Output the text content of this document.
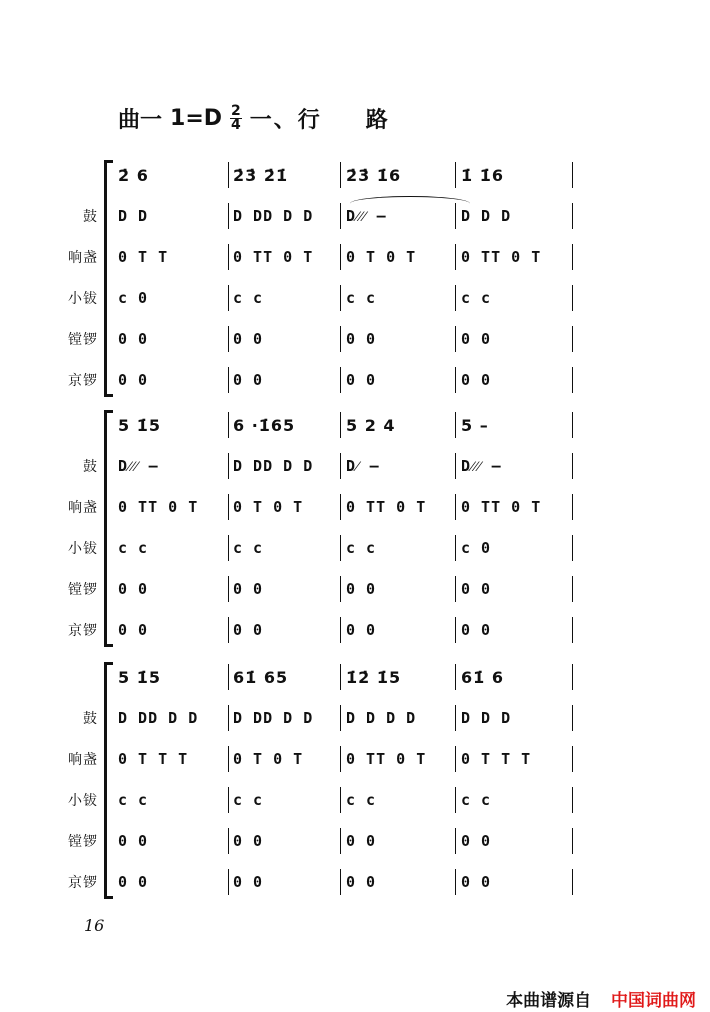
曲一 1=D 2
4 一、行 路
2̇ 6	2̇3̇ 2̇1̇	2̇3̇ 1̇6	1̇ 1̇6
鼓 D D	D DD D D	D⁄⁄⁄ –	D D D
响盏 0 T T	0 TT 0 T	0 T 0 T	0 TT 0 T
小钹 c 0	c c	c c	c c
镗锣 0 0	0 0	0 0	0 0
京锣 0 0	0 0	0 0	0 0
5 1̇5	6 ·1̇65	5 2 4	5 –
鼓 D⁄⁄⁄ –	D DD D D	D⁄ –	D⁄⁄⁄ –
响盏 0 TT 0 T	0 T 0 T	0 TT 0 T	0 TT 0 T
小钹 c c	c c	c c	c 0
镗锣 0 0	0 0	0 0	0 0
京锣 0 0	0 0	0 0	0 0
5 1̇5	61̇ 65	1̇2̇ 1̇5	61̇ 6
鼓 D DD D D	D DD D D	D D D D	D D D
响盏 0 T T T	0 T 0 T	0 TT 0 T	0 T T T
小钹 c c	c c	c c	c c
镗锣 0 0	0 0	0 0	0 0
京锣 0 0	0 0	0 0	0 0
16
本曲谱源自 中国词曲网
